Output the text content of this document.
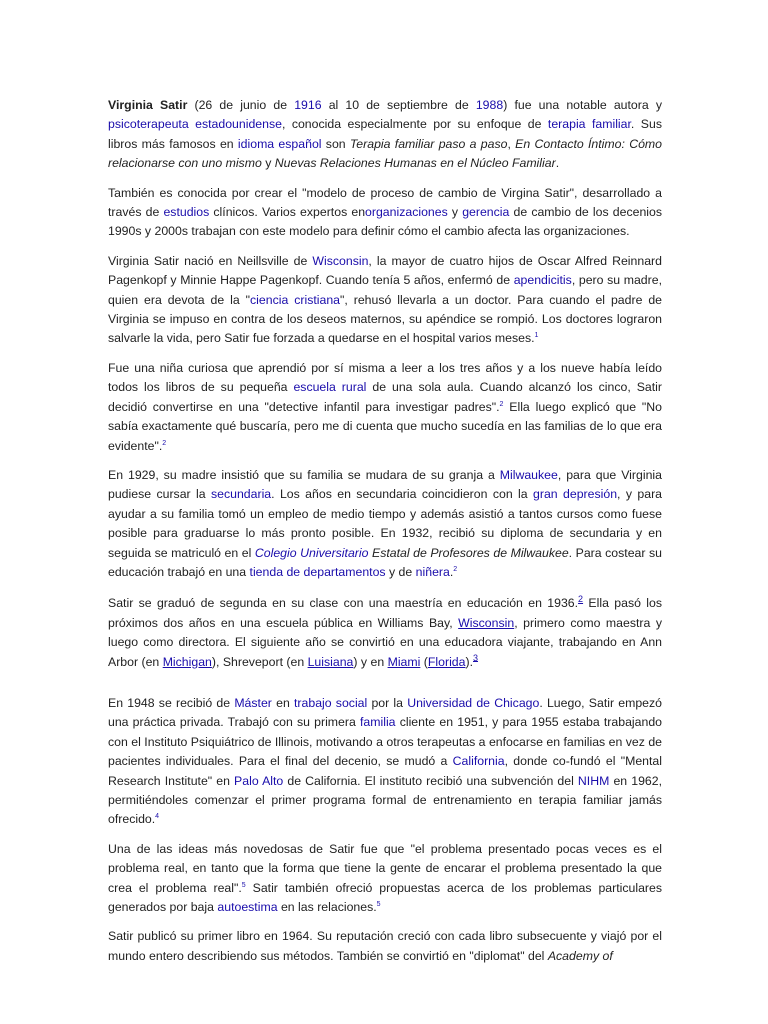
Virginia Satir (26 de junio de 1916 al 10 de septiembre de 1988) fue una notable autora y psicoterapeuta estadounidense, conocida especialmente por su enfoque de terapia familiar. Sus libros más famosos en idioma español son Terapia familiar paso a paso, En Contacto Íntimo: Cómo relacionarse con uno mismo y Nuevas Relaciones Humanas en el Núcleo Familiar.

También es conocida por crear el "modelo de proceso de cambio de Virgina Satir", desarrollado a través de estudios clínicos. Varios expertos enorganizaciones y gerencia de cambio de los decenios 1990s y 2000s trabajan con este modelo para definir cómo el cambio afecta las organizaciones.

Virginia Satir nació en Neillsville de Wisconsin, la mayor de cuatro hijos de Oscar Alfred Reinnard Pagenkopf y Minnie Happe Pagenkopf. Cuando tenía 5 años, enfermó de apendicitis, pero su madre, quien era devota de la "ciencia cristiana", rehusó llevarla a un doctor. Para cuando el padre de Virginia se impuso en contra de los deseos maternos, su apéndice se rompió. Los doctores lograron salvarle la vida, pero Satir fue forzada a quedarse en el hospital varios meses.$^1$

Fue una niña curiosa que aprendió por sí misma a leer a los tres años y a los nueve había leído todos los libros de su pequeña escuela rural de una sola aula. Cuando alcanzó los cinco, Satir decidió convertirse en una "detective infantil para investigar padres".$^2$ Ella luego explicó que "No sabía exactamente qué buscaría, pero me di cuenta que mucho sucedía en las familias de lo que era evidente".$^2$

En 1929, su madre insistió que su familia se mudara de su granja a Milwaukee, para que Virginia pudiese cursar la secundaria. Los años en secundaria coincidieron con la gran depresión, y para ayudar a su familia tomó un empleo de medio tiempo y además asistió a tantos cursos como fuese posible para graduarse lo más pronto posible. En 1932, recibió su diploma de secundaria y en seguida se matriculó en el Colegio Universitario Estatal de Profesores de Milwaukee. Para costear su educación trabajó en una tienda de departamentos y de niñera.$^2$

Satir se graduó de segunda en su clase con una maestría en educación en 1936.$^2$ Ella pasó los próximos dos años en una escuela pública en Williams Bay, Wisconsin, primero como maestra y luego como directora. El siguiente año se convirtió en una educadora viajante, trabajando en Ann Arbor (en Michigan), Shreveport (en Luisiana) y en Miami (Florida).$^3$

En 1948 se recibió de Máster en trabajo social por la Universidad de Chicago. Luego, Satir empezó una práctica privada. Trabajó con su primera familia cliente en 1951, y para 1955 estaba trabajando con el Instituto Psiquiátrico de Illinois, motivando a otros terapeutas a enfocarse en familias en vez de pacientes individuales. Para el final del decenio, se mudó a California, donde co-fundó el "Mental Research Institute" en Palo Alto de California. El instituto recibió una subvención del NIHM en 1962, permitiéndoles comenzar el primer programa formal de entrenamiento en terapia familiar jamás ofrecido.$^4$

Una de las ideas más novedosas de Satir fue que "el problema presentado pocas veces es el problema real, en tanto que la forma que tiene la gente de encarar el problema presentado la que crea el problema real".$^5$ Satir también ofreció propuestas acerca de los problemas particulares generados por baja autoestima en las relaciones.$^5$

Satir publicó su primer libro en 1964. Su reputación creció con cada libro subsecuente y viajó por el mundo entero describiendo sus métodos. También se convirtió en "diplomat" del Academy of
